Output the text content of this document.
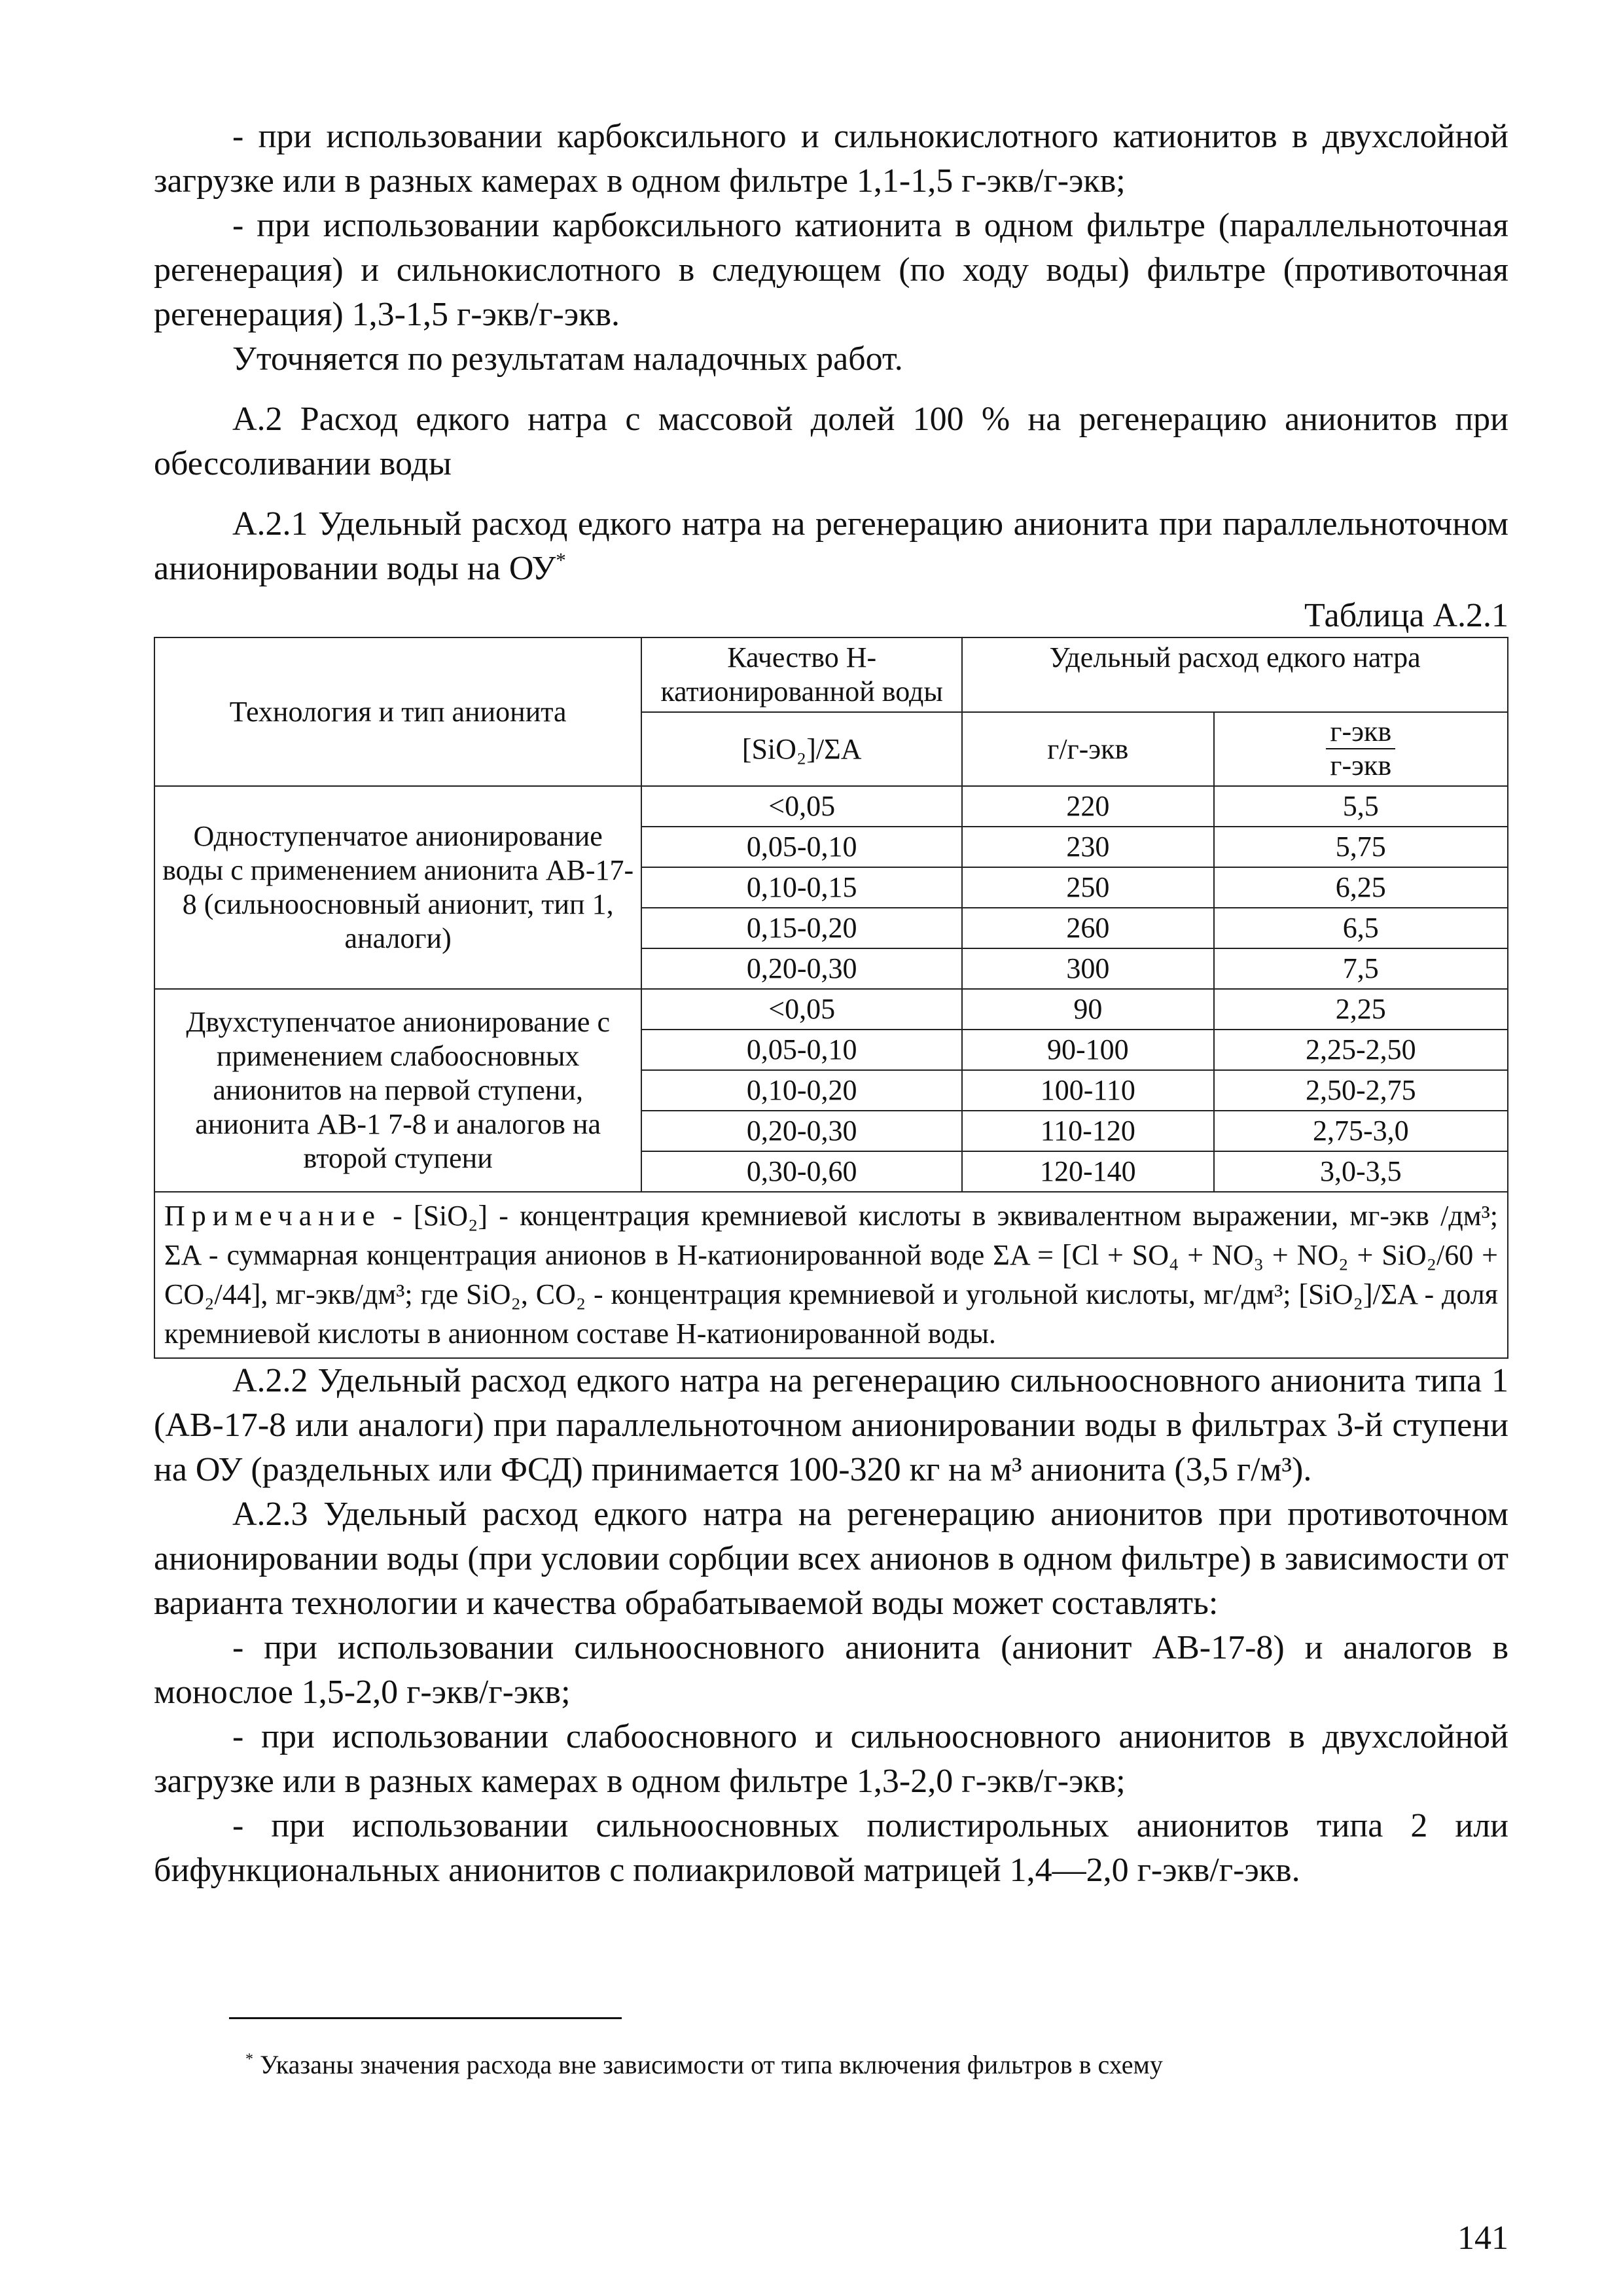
- при использовании карбоксильного и сильнокислотного катионитов в двухслойной загрузке или в разных камерах в одном фильтре 1,1-1,5 г-экв/г-экв;

- при использовании карбоксильного катионита в одном фильтре (параллельноточная регенерация) и сильнокислотного в следующем (по ходу воды) фильтре (противоточная регенерация) 1,3-1,5 г-экв/г-экв.

Уточняется по результатам наладочных работ.

А.2 Расход едкого натра с массовой долей 100 % на регенерацию анионитов при обессоливании воды

А.2.1 Удельный расход едкого натра на регенерацию анионита при параллельноточном анионировании воды на ОУ*

Таблица А.2.1
Технология и тип анионита	Качество Н-катионированной воды	Удельный расход едкого натра	
	[SiO₂]/ΣA	г/г-экв	$\frac{\text{г-экв}}{\text{г-экв}}$

Одноступенчатое анионирование воды с применением анионита АВ-17-8 (сильноосновный анионит, тип 1, аналоги)	<0,05	220	5,5
	0,05-0,10	230	5,75
	0,10-0,15	250	6,25
	0,15-0,20	260	6,5
	0,20-0,30	300	7,5
Двухступенчатое анионирование с применением слабоосновных анионитов на первой ступени, анионита АВ-1 7-8 и аналогов на второй ступени	<0,05	90	2,25
	0,05-0,10	90-100	2,25-2,50
	0,10-0,20	100-110	2,50-2,75
	0,20-0,30	110-120	2,75-3,0
	0,30-0,60	120-140	3,0-3,5
Примечание - [SiO₂] - концентрация кремниевой кислоты в эквивалентном выражении, мг-экв /дм³; ΣA - суммарная концентрация анионов в Н-катионированной воде ΣA = [Cl + SO₄ + NO₃ + NO₂ + SiO₂/60 + CO₂/44], мг-экв/дм³; где SiO₂, CO₂ - концентрация кремниевой и угольной кислоты, мг/дм³; [SiO₂]/ΣA - доля кремниевой кислоты в анионном составе Н-катионированной воды.			

А.2.2 Удельный расход едкого натра на регенерацию сильноосновного анионита типа 1 (АВ-17-8 или аналоги) при параллельноточном анионировании воды в фильтрах 3-й ступени на ОУ (раздельных или ФСД) принимается 100-320 кг на м³ анионита (3,5 г/м³).

А.2.3 Удельный расход едкого натра на регенерацию анионитов при противоточном анионировании воды (при условии сорбции всех анионов в одном фильтре) в зависимости от варианта технологии и качества обрабатываемой воды может составлять:

- при использовании сильноосновного анионита (анионит АВ-17-8) и аналогов в монослое 1,5-2,0 г-экв/г-экв;

- при использовании слабоосновного и сильноосновного анионитов в двухслойной загрузке или в разных камерах в одном фильтре 1,3-2,0 г-экв/г-экв;

- при использовании сильноосновных полистирольных анионитов типа 2 или бифункциональных анионитов с полиакриловой матрицей 1,4—2,0 г-экв/г-экв.

* Указаны значения расхода вне зависимости от типа включения фильтров в схему
141
